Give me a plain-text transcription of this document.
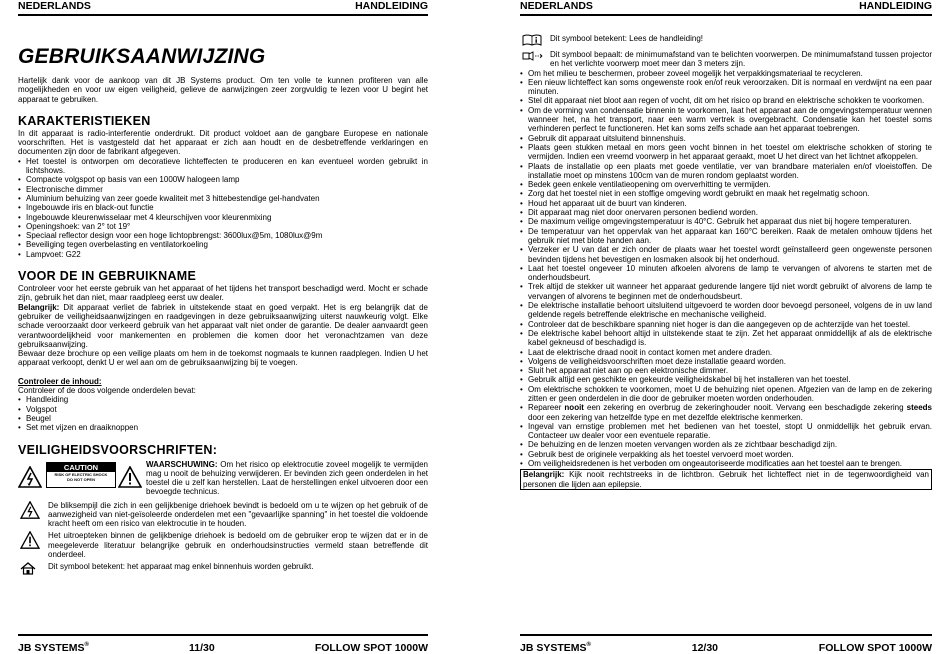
NEDERLANDS	HANDLEIDING
GEBRUIKSAANWIJZING

Hartelijk dank voor de aankoop van dit JB Systems product. Om ten volle te kunnen profiteren van alle mogelijkheden en voor uw eigen veiligheid, gelieve de aanwijzingen zeer zorgvuldig te lezen voor U begint het apparaat te gebruiken.

KARAKTERISTIEKEN

In dit apparaat is radio-interferentie onderdrukt. Dit product voldoet aan de gangbare Europese en nationale voorschriften. Het is vastgesteld dat het apparaat er zich aan houdt en de desbetreffende verklaringen en documenten zijn door de fabrikant afgegeven.

• Het toestel is ontworpen om decoratieve lichteffecten te produceren en kan eventueel worden gebruikt in lichtshows.
• Compacte volgspot op basis van een 1000W halogeen lamp
• Electronische dimmer
• Aluminium behuizing van zeer goede kwaliteit met 3 hittebestendige gel-handvaten
• Ingebouwde iris en black-out functie
• Ingebouwde kleurenwisselaar met 4 kleurschijven voor kleurenmixing
• Openingshoek: van 2° tot 19°
• Speciaal reflector design voor een hoge lichtopbrengst: 3600lux@5m, 1080lux@9m
• Beveiliging tegen overbelasting en ventilatorkoeling
• Lampvoet: G22
VOOR DE IN GEBRUIKNAME

Controleer voor het eerste gebruik van het apparaat of het tijdens het transport beschadigd werd. Mocht er schade zijn, gebruik het dan niet, maar raadpleeg eerst uw dealer.

Belangrijk: Dit apparaat verliet de fabriek in uitstekende staat en goed verpakt. Het is erg belangrijk dat de gebruiker de veiligheidsaanwijzingen en raadgevingen in deze gebruiksaanwijzing uiterst nauwkeurig volgt. Elke schade veroorzaakt door verkeerd gebruik van het apparaat valt niet onder de garantie. De dealer aanvaardt geen verantwoordelijkheid voor mankementen en problemen die komen door het veronachtzamen van deze gebruiksaanwijzing.

Bewaar deze brochure op een veilige plaats om hem in de toekomst nogmaals te kunnen raadplegen. Indien U het apparaat verkoopt, denkt U er wel aan om de gebruiksaanwijzing bij te voegen.

Controleer de inhoud:

Controleer of de doos volgende onderdelen bevat:

• Handleiding
• Volgspot
• Beugel
• Set met vijzen en draaiknoppen
VEILIGHEIDSVOORSCHRIFTEN:
CAUTION
RISK OF ELECTRIC SHOCK
DO NOT OPEN
WAARSCHUWING: Om het risico op elektrocutie zoveel mogelijk te vermijden mag u nooit de behuizing verwijderen. Er bevinden zich geen onderdelen in het toestel die u zelf kan herstellen. Laat de herstellingen enkel uitvoeren door een bevoegde technicus.

De bliksempijl die zich in een gelijkbenige driehoek bevindt is bedoeld om u te wijzen op het gebruik of de aanwezigheid van niet-geïsoleerde onderdelen met een "gevaarlijke spanning" in het toestel die voldoende kracht heeft om een risico van elektrocutie in te houden.

Het uitroepteken binnen de gelijkbenige driehoek is bedoeld om de gebruiker erop te wijzen dat er in de meegeleverde literatuur belangrijke gebruik en onderhoudsinstructies vermeld staan betreffende dit onderdeel.

Dit symbool betekent: het apparaat mag enkel binnenhuis worden gebruikt.

JB SYSTEMS®	11/30	FOLLOW SPOT 1000W
NEDERLANDS	HANDLEIDING

Dit symbool betekent: Lees de handleiding!

Dit symbool bepaalt: de minimumafstand van te belichten voorwerpen. De minimumafstand tussen projector en het verlichte voorwerp moet meer dan 3 meters zijn.

• Om het milieu te beschermen, probeer zoveel mogelijk het verpakkingsmateriaal te recycleren.
• Een nieuw lichteffect kan soms ongewenste rook en/of reuk veroorzaken. Dit is normaal en verdwijnt na een paar minuten.
• Stel dit apparaat niet bloot aan regen of vocht, dit om het risico op brand en elektrische schokken te voorkomen.
• Om de vorming van condensatie binnenin te voorkomen, laat het apparaat aan de omgevingstemperatuur wennen wanneer het, na het transport, naar een warm vertrek is overgebracht. Condensatie kan het toestel soms verhinderen perfect te functioneren. Het kan soms zelfs schade aan het apparaat toebrengen.
• Gebruik dit apparaat uitsluitend binnenshuis.
• Plaats geen stukken metaal en mors geen vocht binnen in het toestel om elektrische schokken of storing te vermijden. Indien een vreemd voorwerp in het apparaat geraakt, moet U het direct van het lichtnet afkoppelen.
• Plaats de installatie op een plaats met goede ventilatie, ver van brandbare materialen en/of vloeistoffen. De installatie moet op minstens 100cm van de muren rondom geplaatst worden.
• Bedek geen enkele ventilatieopening om oververhitting te vermijden.
• Zorg dat het toestel niet in een stoffige omgeving wordt gebruikt en maak het regelmatig schoon.
• Houd het apparaat uit de buurt van kinderen.
• Dit apparaat mag niet door onervaren personen bediend worden.
• De maximum veilige omgevingstemperatuur is 40°C. Gebruik het apparaat dus niet bij hogere temperaturen.
• De temperatuur van het oppervlak van het apparaat kan 160°C bereiken. Raak de metalen omhouw tijdens het gebruik niet met blote handen aan.
• Verzeker er U van dat er zich onder de plaats waar het toestel wordt geïnstalleerd geen ongewenste personen bevinden tijdens het bevestigen en losmaken alsook bij het onderhoud.
• Laat het toestel ongeveer 10 minuten afkoelen alvorens de lamp te vervangen of alvorens te starten met de onderhoudsbeurt.
• Trek altijd de stekker uit wanneer het apparaat gedurende langere tijd niet wordt gebruikt of alvorens de lamp te vervangen of alvorens te beginnen met de onderhoudsbeurt.
• De elektrische installatie behoort uitsluitend uitgevoerd te worden door bevoegd personeel, volgens de in uw land geldende regels betreffende elektrische en mechanische veiligheid.
• Controleer dat de beschikbare spanning niet hoger is dan die aangegeven op de achterzijde van het toestel.
• De elektrische kabel behoort altijd in uitstekende staat te zijn. Zet het apparaat onmiddellijk af als de elektrische kabel gekneusd of beschadigd is.
• Laat de elektrische draad nooit in contact komen met andere draden.
• Volgens de veiligheidsvoorschriften moet deze installatie geaard worden.
• Sluit het apparaat niet aan op een elektronische dimmer.
• Gebruik altijd een geschikte en gekeurde veiligheidskabel bij het installeren van het toestel.
• Om elektrische schokken te voorkomen, moet U de behuizing niet openen. Afgezien van de lamp en de zekering zitten er geen onderdelen in die door de gebruiker moeten worden onderhouden.
• Repareer nooit een zekering en overbrug de zekeringhouder nooit. Vervang een beschadigde zekering steeds door een zekering van hetzelfde type en met dezelfde elektrische kenmerken.
• Ingeval van ernstige problemen met het bedienen van het toestel, stopt U onmiddellijk het gebruik ervan. Contacteer uw dealer voor een eventuele reparatie.
• De behuizing en de lenzen moeten vervangen worden als ze zichtbaar beschadigd zijn.
• Gebruik best de originele verpakking als het toestel vervoerd moet worden.
• Om veiligheidsredenen is het verboden om ongeautoriseerde modificaties aan het toestel aan te brengen.
Belangrijk: Kijk nooit rechtstreeks in de lichtbron. Gebruik het lichteffect niet in de tegenwoordigheid van personen die lijden aan epilepsie.
JB SYSTEMS®	12/30	FOLLOW SPOT 1000W
